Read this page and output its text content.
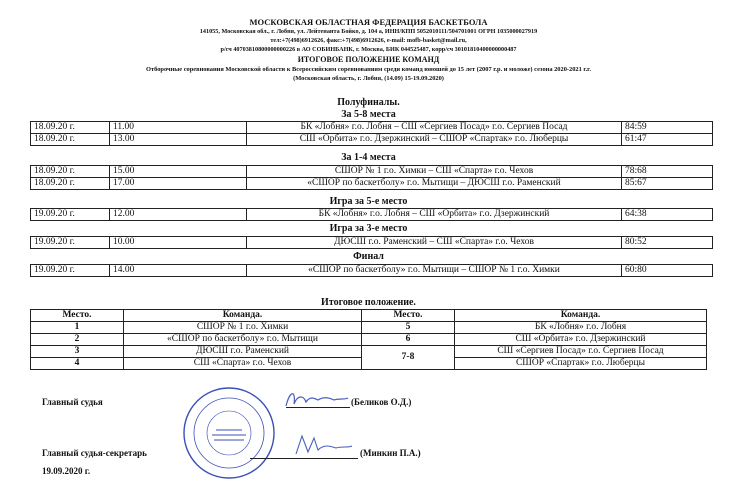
МОСКОВСКАЯ ОБЛАСТНАЯ ФЕДЕРАЦИЯ БАСКЕТБОЛА
141055, Московская обл., г. Лобня, ул. Лейтенанта Бойко, д. 104 а, ИНН/КПП 5052010111/504701001 ОГРН 1035000027919
тел:+7(498)6912626, факс:+7(498)6912626, e-mail: mofb-basket@mail.ru,
р/сч 40703810800000000226 в АО СОБИНБАНК, г. Москва, БИК 044525487, корр/сч 30101810400000000487
ИТОГОВОЕ ПОЛОЖЕНИЕ КОМАНД
Отборочные соревнования Московской области к Всероссийским соревнованиям среди команд юношей до 15 лет (2007 г.р. и моложе) сезона 2020-2021 г.г.
(Московская область, г. Лобня, (14.09) 15-19.09.2020)
Полуфиналы.
За 5-8 места
18.09.20 г.	11.00	БК «Лобня» г.о. Лобня – СШ «Сергиев Посад» г.о. Сергиев Посад	84:59
18.09.20 г.	13.00	СШ «Орбита» г.о. Дзержинский – СШОР «Спартак» г.о. Люберцы	61:47
За 1-4 места
18.09.20 г.	15.00	СШОР № 1 г.о. Химки – СШ «Спарта» г.о. Чехов	78:68
18.09.20 г.	17.00	«СШОР по баскетболу» г.о. Мытищи – ДЮСШ г.о. Раменский	85:67
Игра за 5-е место
19.09.20 г.	12.00	БК «Лобня» г.о. Лобня – СШ «Орбита» г.о. Дзержинский	64:38
Игра за 3-е место
19.09.20 г.	10.00	ДЮСШ г.о. Раменский – СШ «Спарта» г.о. Чехов	80:52
Финал
19.09.20 г.	14.00	«СШОР по баскетболу» г.о. Мытищи – СШОР № 1 г.о. Химки	60:80
Итоговое положение.
Место.	Команда.	Место.	Команда.
1	СШОР № 1 г.о. Химки	5	БК «Лобня» г.о. Лобня
2	«СШОР по баскетболу» г.о. Мытищи	6	СШ «Орбита» г.о. Дзержинский
3	ДЮСШ г.о. Раменский	7-8	СШ «Сергиев Посад» г.о. Сергиев Посад
4	СШ «Спарта» г.о. Чехов		СШОР «Спартак» г.о. Люберцы
Главный судья	(Беликов О.Д.)
Главный судья-секретарь	(Минкин П.А.)
19.09.2020 г.
